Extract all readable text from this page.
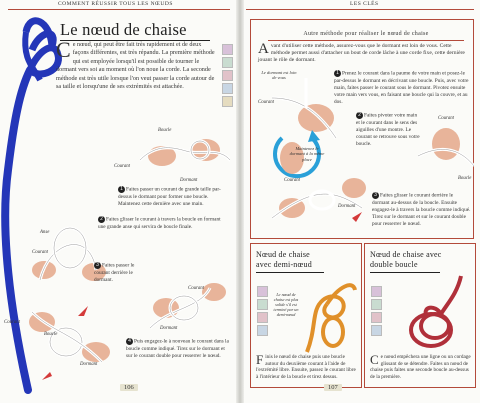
COMMENT RÉUSSIR TOUS LES NŒUDS
Le nœud de chaise
C e nœud, qui peut être fait très rapidement et de deux façons différentes, est très répandu. La première méthode qui est employée lorsqu'il est possible de tourner le dormant vers soi au moment où l'on noue la corde. La seconde méthode est très utile lorsque l'on veut passer la corde autour de sa taille et lorsqu'une de ses extrémités est attachée.
Boucle
Courant
Dormant
1 Faites passer un courant de grande taille par-dessus le dormant pour former une boucle. Maintenez cette dernière avec une main.
Anse
Courant
2 Faites glisser le courant à travers la boucle en formant une grande anse qui servira de boucle finale.
3 Faites passer le courant derrière le dormant.
Courant
Dormant
Courant
Boucle
Dormant
4 Puis engagez-le à nouveau le courant dans la boucle comme indiqué. Tirez sur le dormant et sur le courant double pour resserrer le nœud.
106
LES CLÉS
Autre méthode pour réaliser le nœud de chaise
A vant d'utiliser cette méthode, assurez-vous que le dormant est loin de vous. Cette méthode permet aussi d'attacher un bout de corde lâche à une corde fixe, cette dernière jouant le rôle de dormant.
Le dormant est loin de vous
Courant
1 Prenez le courant dans la paume de votre main et posez-le par-dessus le dormant en décrivant une boucle. Puis, avec votre main, faites passer le courant sous le dormant. Pivotez ensuite votre main vers vous, en faisant une boucle qui la couvre, et au dos.
Maintenez le dormant à la même place
2 Faites pivoter votre main et le courant dans le sens des aiguilles d'une montre. Le courant se retrouve sous votre boucle.
Courant
Boucle
Courant
Dormant
3 Faites glisser le courant derrière le dormant au-dessus de la boucle. Ensuite engagez-le à travers la boucle comme indiqué. Tirez sur le dormant et sur le courant double pour resserrer le nœud.
Nœud de chaise
avec demi-nœud
Le nœud de chaise est plus solide s'il est terminé par un demi-nœud
F inis le nœud de chaise puis une boucle autour du deuxième courant à l'aide de l'extrémité libre. Ensuite, passez le courant libre à l'intérieur de la boucle et tirez dessus.
Nœud de chaise avec
double boucle
C e nœud empêchera une ligne ou un cordage glissant de se détendre. Faites un nœud de chaise puis faites une seconde boucle au-dessus de la première.
107
